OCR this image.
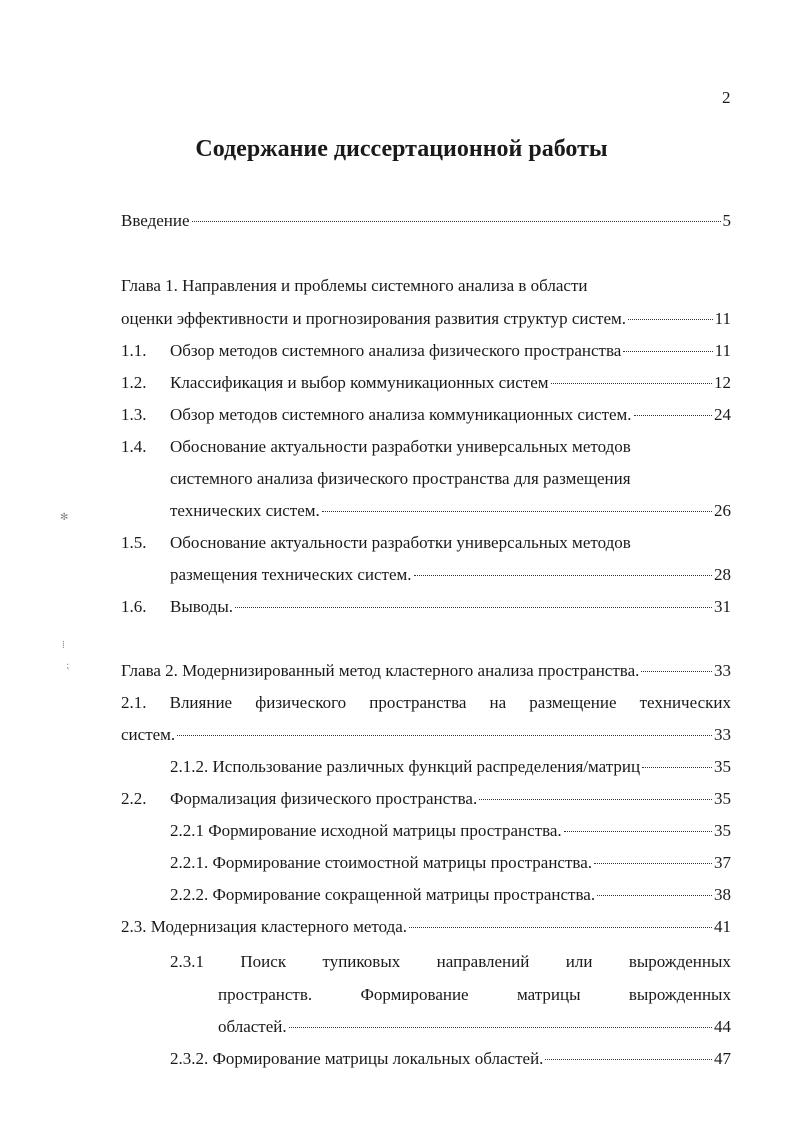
2
Содержание диссертационной работы
Введение	5
Глава 1. Направления и проблемы системного анализа в области
оценки эффективности и прогнозирования развития структур систем.	11
1.1.	Обзор методов системного анализа физического пространства	11
1.2.	Классификация и выбор коммуникационных систем	12
1.3.	Обзор методов системного анализа коммуникационных систем.	24
1.4. Обоснование актуальности разработки универсальных методов
системного анализа физического пространства для размещения
технических систем.	26
1.5. Обоснование актуальности разработки универсальных методов
размещения технических систем.	28
1.6.	Выводы.	31
Глава 2. Модернизированный метод кластерного анализа пространства.	33
2.1. Влияние физического пространства на размещение технических
систем.	33
2.1.2. Использование различных функций распределения/матриц	35
2.2.	Формализация физического пространства.	35
2.2.1 Формирование исходной матрицы пространства.	35
2.2.1. Формирование стоимостной матрицы пространства.	37
2.2.2. Формирование сокращенной матрицы пространства.	38
2.3. Модернизация кластерного метода.	41
2.3.1 Поиск тупиковых направлений или вырожденных
пространств.	Формирование	матрицы	вырожденных
областей.	44
2.3.2. Формирование матрицы локальных областей.	47
✻
⁞
⁏
